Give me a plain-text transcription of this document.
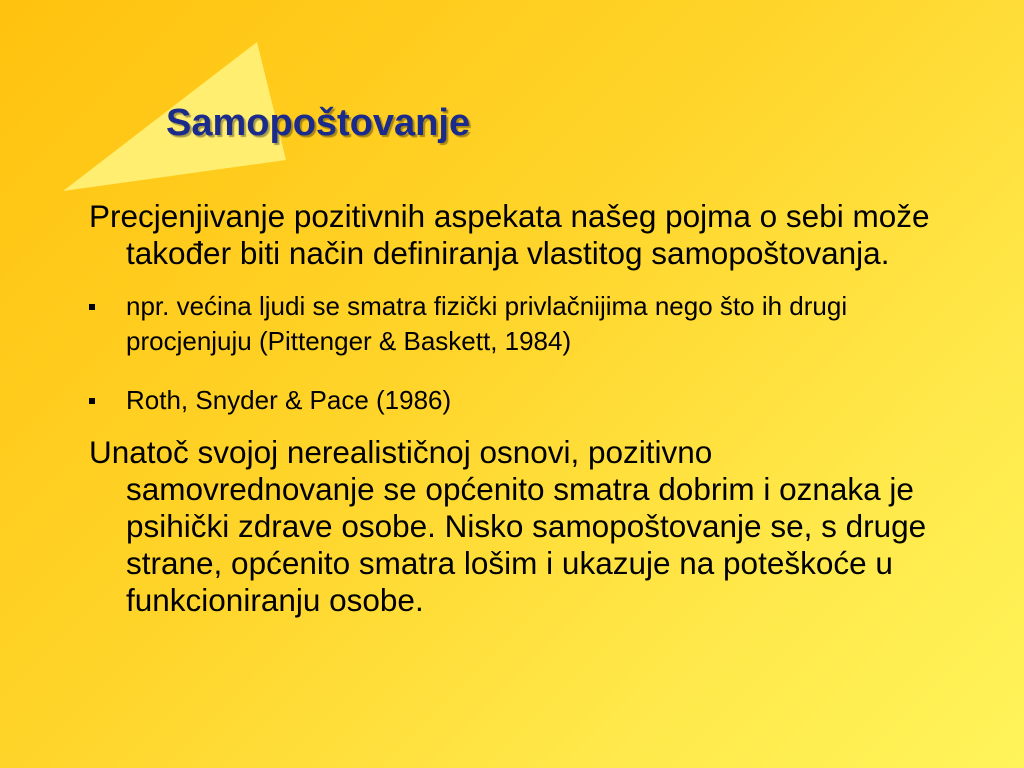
Samopoštovanje

Precjenjivanje pozitivnih aspekata našeg pojma o sebi može također biti način definiranja vlastitog samopoštovanja.

npr. većina ljudi se smatra fizički privlačnijima nego što ih drugi procjenjuju (Pittenger & Baskett, 1984)
Roth, Snyder & Pace (1986)

Unatoč svojoj nerealističnoj osnovi, pozitivno samovrednovanje se općenito smatra dobrim i oznaka je psihički zdrave osobe. Nisko samopoštovanje se, s druge strane, općenito smatra lošim i ukazuje na poteškoće u funkcioniranju osobe.
